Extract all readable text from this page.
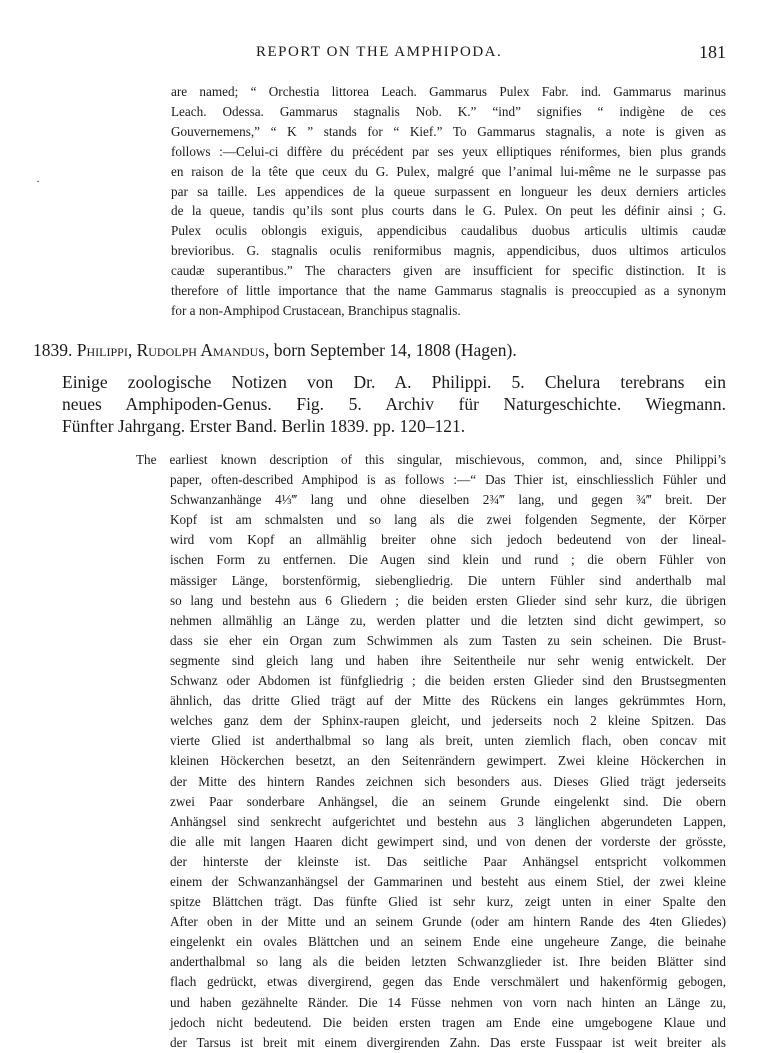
REPORT ON THE AMPHIPODA.	181
·
are named; “ Orchestia littorea Leach. Gammarus Pulex Fabr. ind. Gammarus marinus
Leach. Odessa. Gammarus stagnalis Nob. K.” “ind” signifies “ indigène de ces
Gouvernemens,” “ K ” stands for “ Kief.” To Gammarus stagnalis, a note is given as
follows :—Celui-ci diffère du précédent par ses yeux elliptiques réniformes, bien plus grands
en raison de la tête que ceux du G. Pulex, malgré que l’animal lui-même ne le surpasse pas
par sa taille. Les appendices de la queue surpassent en longueur les deux derniers articles
de la queue, tandis qu’ils sont plus courts dans le G. Pulex. On peut les définir ainsi ; G.
Pulex oculis oblongis exiguis, appendicibus caudalibus duobus articulis ultimis caudæ
brevioribus. G. stagnalis oculis reniformibus magnis, appendicibus, duos ultimos articulos
caudæ superantibus.” The characters given are insufficient for specific distinction. It is
therefore of little importance that the name Gammarus stagnalis is preoccupied as a synonym
for a non-Amphipod Crustacean, Branchipus stagnalis.
1839. Philippi, Rudolph Amandus, born September 14, 1808 (Hagen).
Einige zoologische Notizen von Dr. A. Philippi. 5. Chelura terebrans ein
neues Amphipoden-Genus. Fig. 5. Archiv für Naturgeschichte. Wiegmann.
Fünfter Jahrgang. Erster Band. Berlin 1839. pp. 120–121.
The earliest known description of this singular, mischievous, common, and, since Philippi’s
paper, often-described Amphipod is as follows :—“ Das Thier ist, einschliesslich Fühler und
Schwanzanhänge 4⅓‴ lang und ohne dieselben 2¾‴ lang, und gegen ¾‴ breit. Der
Kopf ist am schmalsten und so lang als die zwei folgenden Segmente, der Körper
wird vom Kopf an allmählig breiter ohne sich jedoch bedeutend von der lineal-
ischen Form zu entfernen. Die Augen sind klein und rund ; die obern Fühler von
mässiger Länge, borstenförmig, siebengliedrig. Die untern Fühler sind anderthalb mal
so lang und bestehn aus 6 Gliedern ; die beiden ersten Glieder sind sehr kurz, die übrigen
nehmen allmählig an Länge zu, werden platter und die letzten sind dicht gewimpert, so
dass sie eher ein Organ zum Schwimmen als zum Tasten zu sein scheinen. Die Brust-
segmente sind gleich lang und haben ihre Seitentheile nur sehr wenig entwickelt. Der
Schwanz oder Abdomen ist fünfgliedrig ; die beiden ersten Glieder sind den Brustsegmenten
ähnlich, das dritte Glied trägt auf der Mitte des Rückens ein langes gekrümmtes Horn,
welches ganz dem der Sphinx-raupen gleicht, und jederseits noch 2 kleine Spitzen. Das
vierte Glied ist anderthalbmal so lang als breit, unten ziemlich flach, oben concav mit
kleinen Höckerchen besetzt, an den Seitenrändern gewimpert. Zwei kleine Höckerchen in
der Mitte des hintern Randes zeichnen sich besonders aus. Dieses Glied trägt jederseits
zwei Paar sonderbare Anhängsel, die an seinem Grunde eingelenkt sind. Die obern
Anhängsel sind senkrecht aufgerichtet und bestehn aus 3 länglichen abgerundeten Lappen,
die alle mit langen Haaren dicht gewimpert sind, und von denen der vorderste der grösste,
der hinterste der kleinste ist. Das seitliche Paar Anhängsel entspricht volkommen
einem der Schwanzanhängsel der Gammarinen und besteht aus einem Stiel, der zwei kleine
spitze Blättchen trägt. Das fünfte Glied ist sehr kurz, zeigt unten in einer Spalte den
After oben in der Mitte und an seinem Grunde (oder am hintern Rande des 4ten Gliedes)
eingelenkt ein ovales Blättchen und an seinem Ende eine ungeheure Zange, die beinahe
anderthalbmal so lang als die beiden letzten Schwanzglieder ist. Ihre beiden Blätter sind
flach gedrückt, etwas divergirend, gegen das Ende verschmälert und hakenförmig gebogen,
und haben gezähnelte Ränder. Die 14 Füsse nehmen von vorn nach hinten an Länge zu,
jedoch nicht bedeutend. Die beiden ersten tragen am Ende eine umgebogene Klaue und
der Tarsus ist breit mit einem divergirenden Zahn. Das erste Fusspaar ist weit breiter als
